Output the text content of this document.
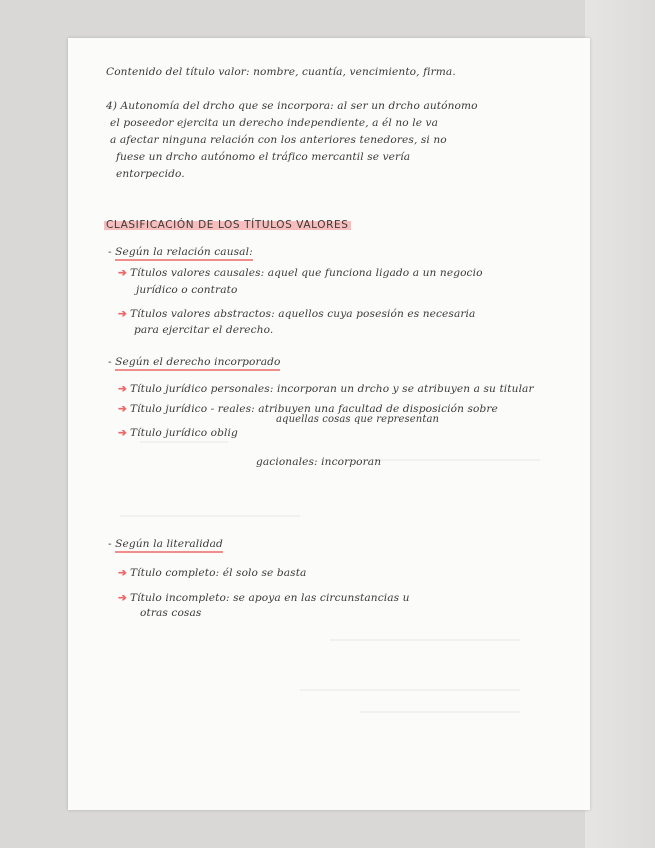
Contenido del título valor: nombre, cuantía, vencimiento, firma.
4) Autonomía del drcho que se incorpora: al ser un drcho autónomo
el poseedor ejercita un derecho independiente, a él no le va
a afectar ninguna relación con los anteriores tenedores, si no
fuese un drcho autónomo el tráfico mercantil se vería
entorpecido.
CLASIFICACIÓN DE LOS TÍTULOS VALORES
- Según la relación causal:
➔ Títulos valores causales: aquel que funciona ligado a un negocio
jurídico o contrato
➔ Títulos valores abstractos: aquellos cuya posesión es necesaria
para ejercitar el derecho.
- Según el derecho incorporado
➔ Título jurídico personales: incorporan un drcho y se atribuyen a su titular
➔ Título jurídico - reales: atribuyen una facultad de disposición sobre
aquellas cosas que representan
➔ Título jurídico oblig
gacionales: incorporan
- Según la literalidad
➔ Título completo: él solo se basta
➔ Título incompleto: se apoya en las circunstancias u
otras cosas
